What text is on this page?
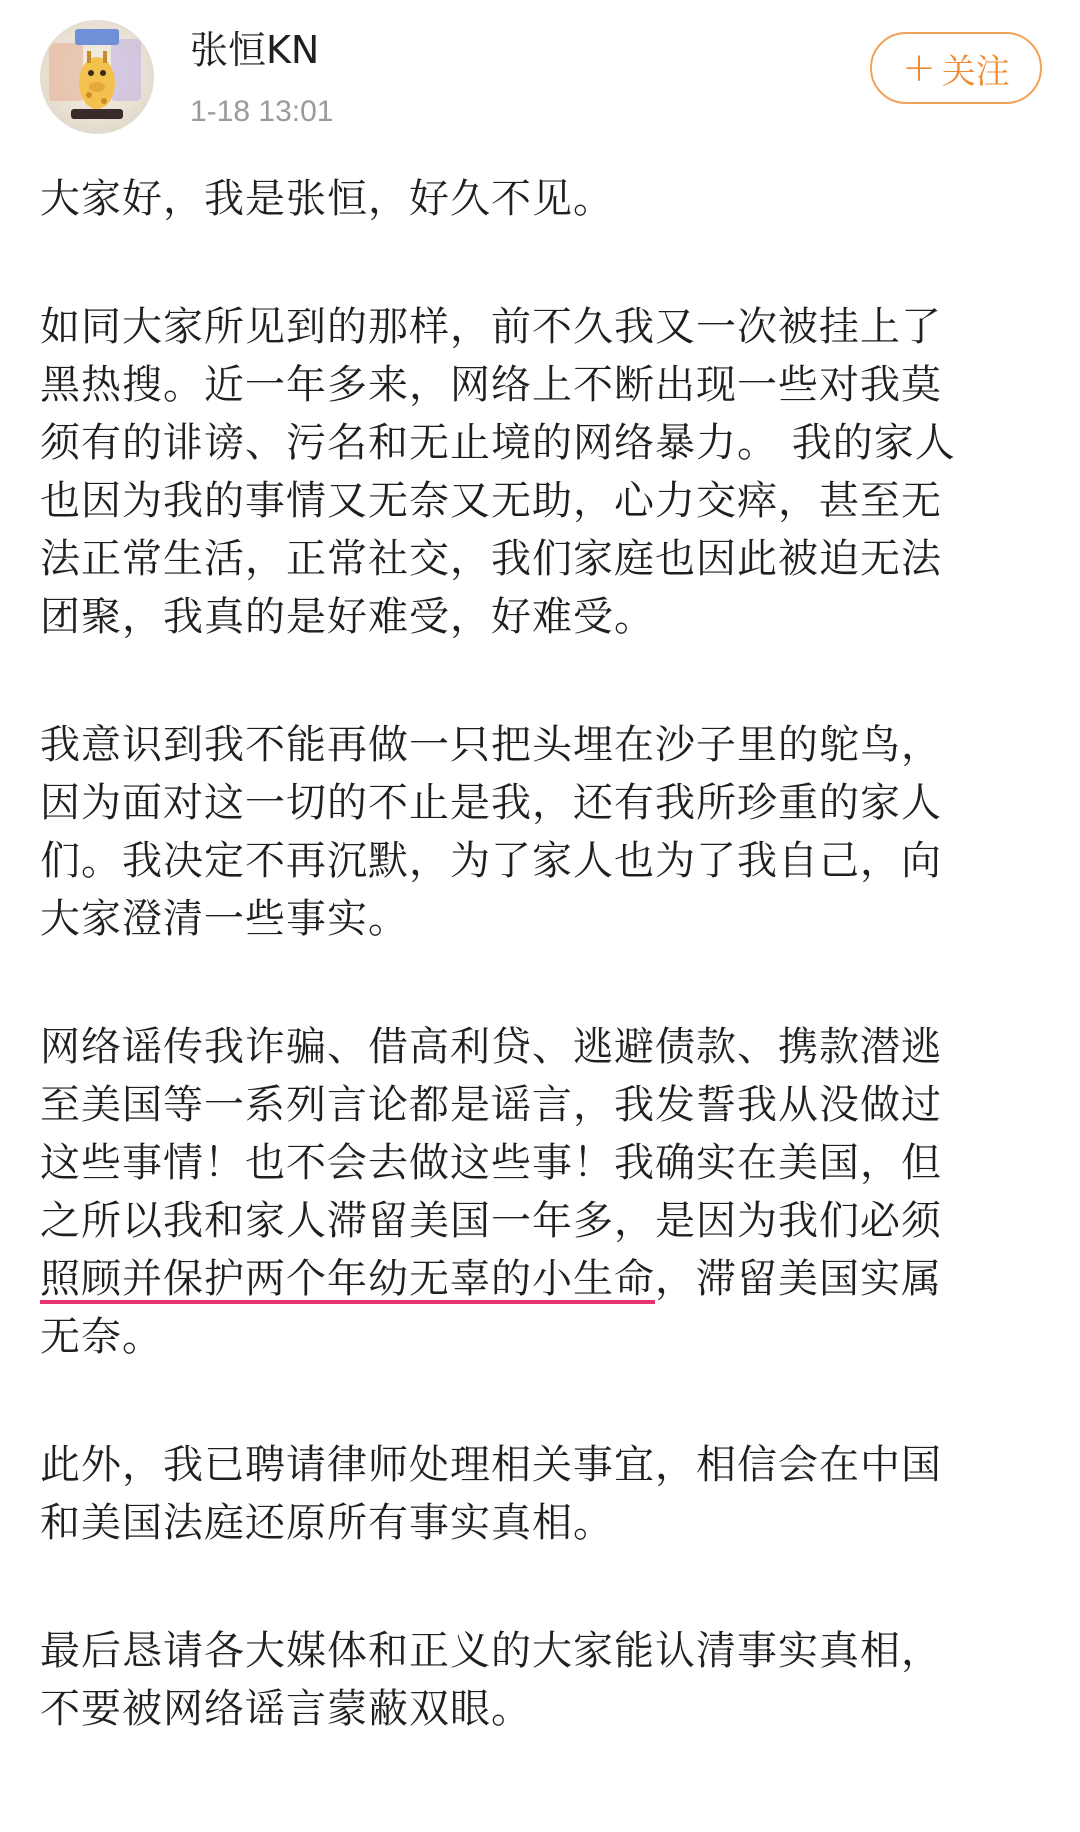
张恒KN
1-18 13:01
+ 关注

大家好，我是张恒，好久不见。

如同大家所见到的那样，前不久我又一次被挂上了
黑热搜。近一年多来，网络上不断出现一些对我莫
须有的诽谤、污名和无止境的网络暴力。 我的家人
也因为我的事情又无奈又无助，心力交瘁，甚至无
法正常生活，正常社交，我们家庭也因此被迫无法
团聚，我真的是好难受，好难受。

我意识到我不能再做一只把头埋在沙子里的鸵鸟，
因为面对这一切的不止是我，还有我所珍重的家人
们。我决定不再沉默，为了家人也为了我自己，向
大家澄清一些事实。

网络谣传我诈骗、借高利贷、逃避债款、携款潜逃
至美国等一系列言论都是谣言，我发誓我从没做过
这些事情！也不会去做这些事！我确实在美国，但
之所以我和家人滞留美国一年多，是因为我们必须
照顾并保护两个年幼无辜的小生命，滞留美国实属
无奈。

此外，我已聘请律师处理相关事宜，相信会在中国
和美国法庭还原所有事实真相。

最后恳请各大媒体和正义的大家能认清事实真相，
不要被网络谣言蒙蔽双眼。
